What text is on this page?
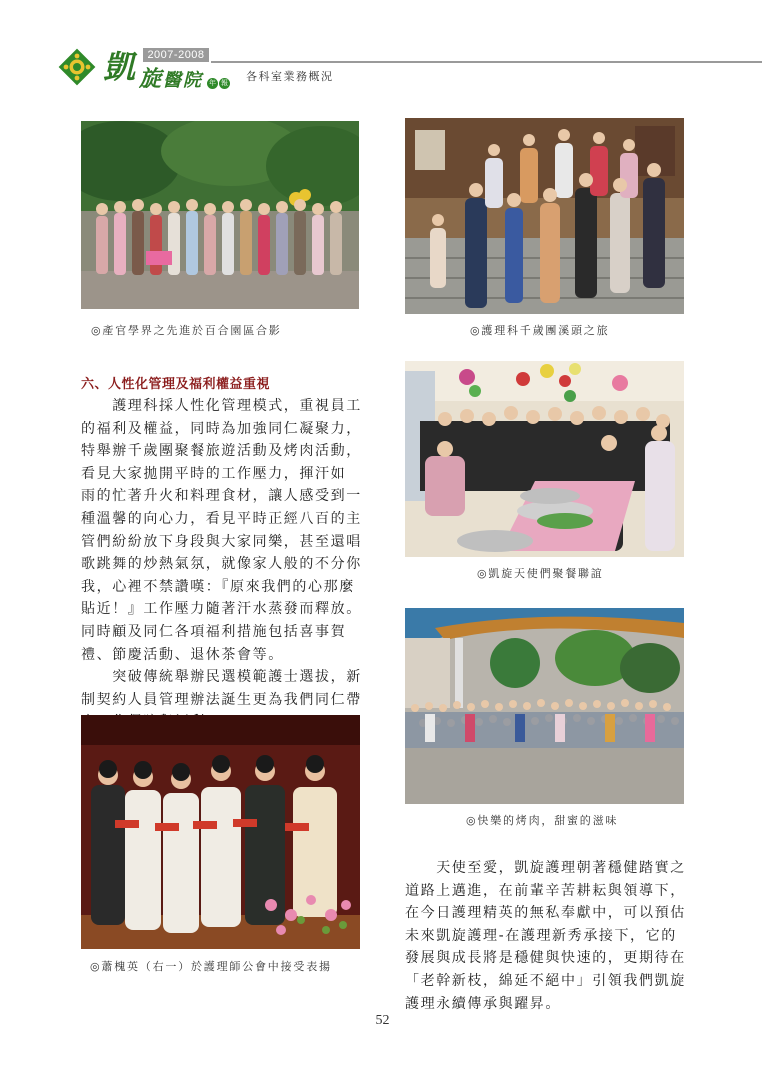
凱 旋 醫 院
2007-2008
年 報	各科室業務概況
◎產官學界之先進於百合園區合影	◎護理科千歲團溪頭之旅
六、人性化管理及福利權益重視

　　護理科採人性化管理模式，重視員工
的福利及權益，同時為加強同仁凝聚力，
特舉辦千歲團聚餐旅遊活動及烤肉活動，
看見大家拋開平時的工作壓力，揮汗如
雨的忙著升火和料理食材，讓人感受到一
種溫馨的向心力，看見平時正經八百的主
管們紛紛放下身段與大家同樂，甚至還唱
歌跳舞的炒熱氣氛，就像家人般的不分你
我，心裡不禁讚嘆：『原來我們的心那麼
貼近！』工作壓力隨著汗水蒸發而釋放。
同時顧及同仁各項福利措施包括喜事賀
禮、節慶活動、退休茶會等。
　　突破傳統舉辦民選模範護士選拔，新
制契約人員管理辦法誕生更為我們同仁帶

◎凱旋天使們聚餐聯誼
◎快樂的烤肉，甜蜜的滋味
◎蕭槐英（右一）於護理師公會中接受表揚

　　天使至愛，凱旋護理朝著穩健踏實之
道路上邁進，在前輩辛苦耕耘與領導下，
在今日護理精英的無私奉獻中，可以預估
未來凱旋護理-在護理新秀承接下，它的
發展與成長將是穩健與快速的，更期待在
「老幹新枝，綿延不絕中」引領我們凱旋
護理永續傳承與躍昇。

52
